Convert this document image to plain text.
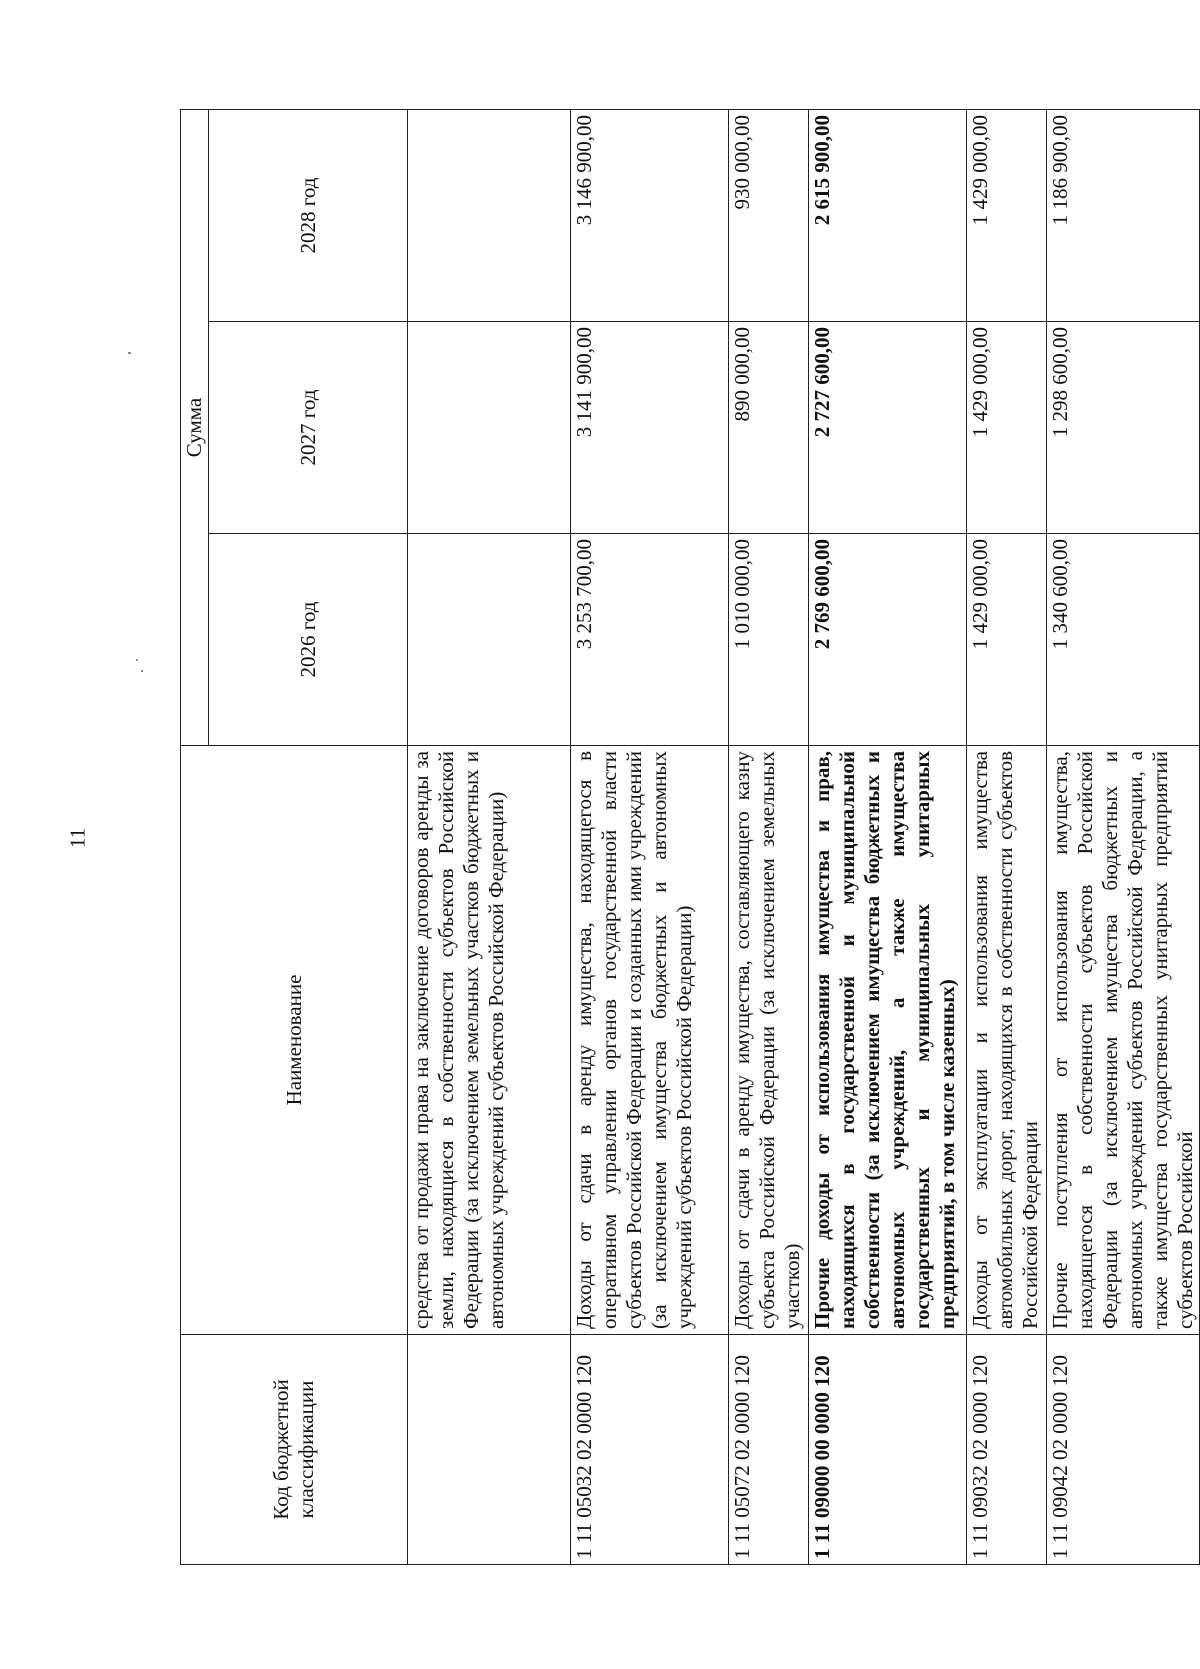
11
Код бюджетной классификации	Наименование	Сумма		
		2026 год	2027 год	2028 год
	средства от продажи права на заключение договоров аренды за земли, находящиеся в собственности субъектов Российской Федерации (за исключением земельных участков бюджетных и автономных учреждений субъектов Российской Федерации)			
1 11 05032 02 0000 120	Доходы от сдачи в аренду имущества, находящегося в оперативном управлении органов государственной власти субъектов Российской Федерации и созданных ими учреждений (за исключением имущества бюджетных и автономных учреждений субъектов Российской Федерации)	3 253 700,00	3 141 900,00	3 146 900,00
1 11 05072 02 0000 120	Доходы от сдачи в аренду имущества, составляющего казну субъекта Российской Федерации (за исключением земельных участков)	1 010 000,00	890 000,00	930 000,00
1 11 09000 00 0000 120	Прочие доходы от использования имущества и прав, находящихся в государственной и муниципальной собственности (за исключением имущества бюджетных и автономных учреждений, а также имущества государственных и муниципальных унитарных предприятий, в том числе казенных)	2 769 600,00	2 727 600,00	2 615 900,00
1 11 09032 02 0000 120	Доходы от эксплуатации и использования имущества автомобильных дорог, находящихся в собственности субъектов Российской Федерации	1 429 000,00	1 429 000,00	1 429 000,00
1 11 09042 02 0000 120	Прочие поступления от использования имущества, находящегося в собственности субъектов Российской Федерации (за исключением имущества бюджетных и автономных учреждений субъектов Российской Федерации, а также имущества государственных унитарных предприятий субъектов Российской	1 340 600,00	1 298 600,00	1 186 900,00
